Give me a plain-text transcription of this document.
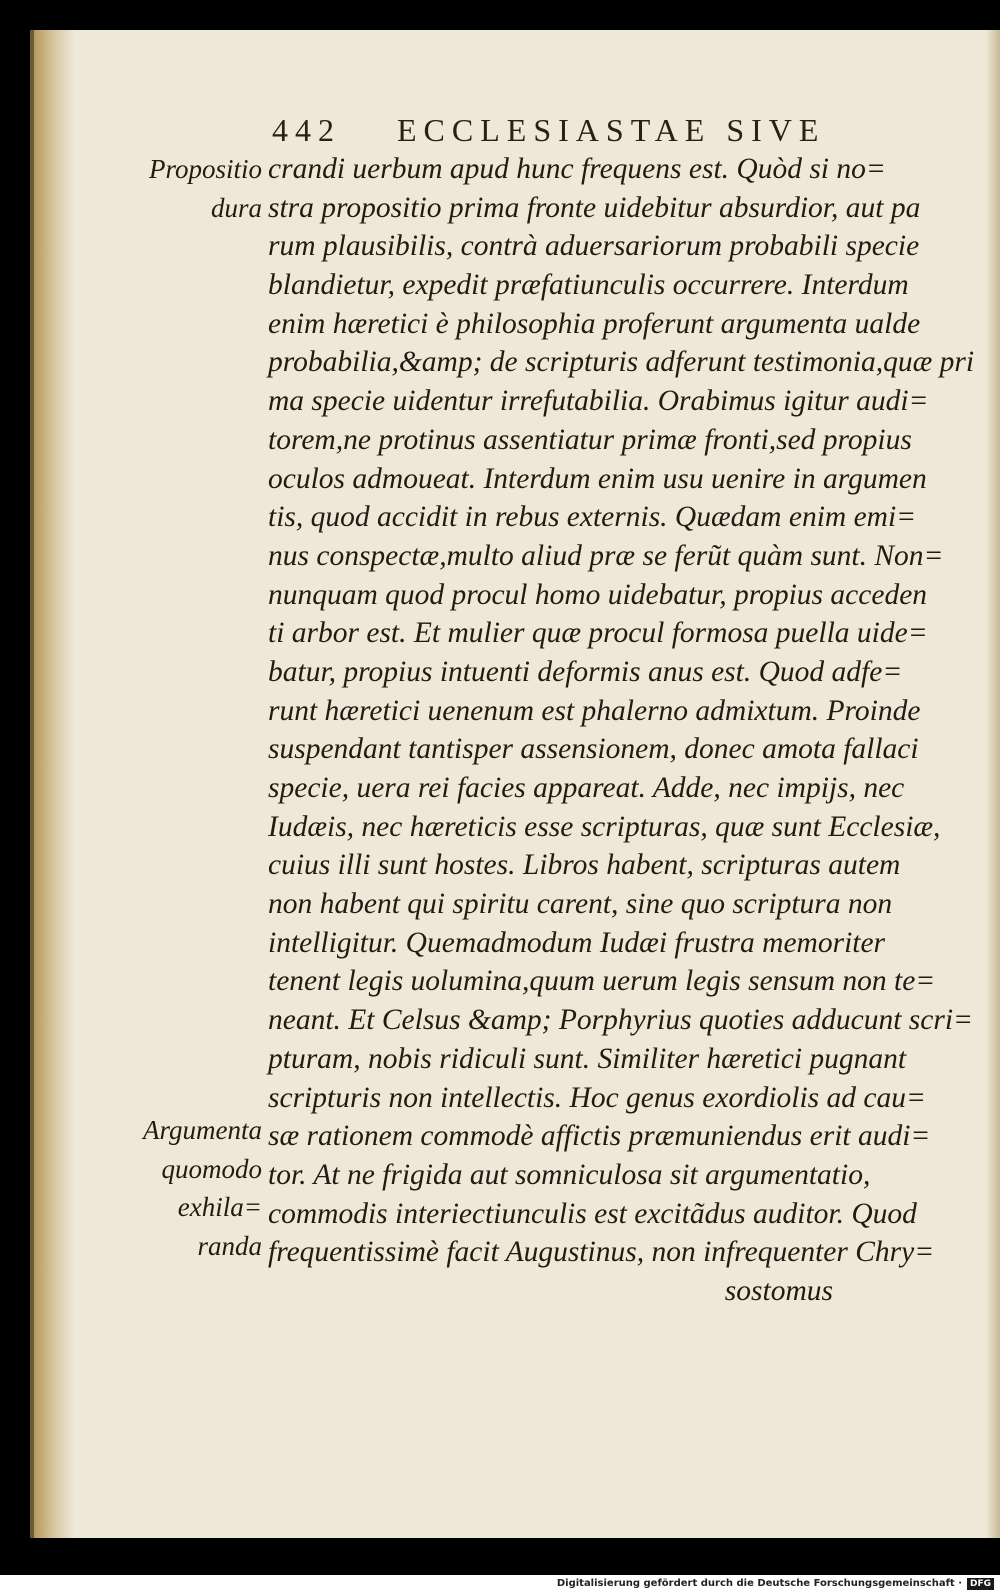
442 ECCLESIASTAE SIVE
Propositio
dura
Argumenta
quomodo
exhila=
randa
crandi uerbum apud hunc frequens est. Quòd si no=
stra propositio prima fronte uidebitur absurdior, aut pa
rum plausibilis, contrà aduersariorum probabili specie
blandietur, expedit præfatiunculis occurrere. Interdum
enim hæretici è philosophia proferunt argumenta ualde
probabilia,&amp; de scripturis adferunt testimonia,quæ pri
ma specie uidentur irrefutabilia. Orabimus igitur audi=
torem,ne protinus assentiatur primæ fronti,sed propius
oculos admoueat. Interdum enim usu uenire in argumen
tis, quod accidit in rebus externis. Quædam enim emi=
nus conspectæ,multo aliud præ se ferũt quàm sunt. Non=
nunquam quod procul homo uidebatur, propius acceden
ti arbor est. Et mulier quæ procul formosa puella uide=
batur, propius intuenti deformis anus est. Quod adfe=
runt hæretici uenenum est phalerno admixtum. Proinde
suspendant tantisper assensionem, donec amota fallaci
specie, uera rei facies appareat. Adde, nec impijs, nec
Iudæis, nec hæreticis esse scripturas, quæ sunt Ecclesiæ,
cuius illi sunt hostes. Libros habent, scripturas autem
non habent qui spiritu carent, sine quo scriptura non
intelligitur. Quemadmodum Iudæi frustra memoriter
tenent legis uolumina,quum uerum legis sensum non te=
neant. Et Celsus &amp; Porphyrius quoties adducunt scri=
pturam, nobis ridiculi sunt. Similiter hæretici pugnant
scripturis non intellectis. Hoc genus exordiolis ad cau=
sæ rationem commodè affictis præmuniendus erit audi=
tor. At ne frigida aut somniculosa sit argumentatio,
commodis interiectiunculis est excitãdus auditor. Quod
frequentissimè facit Augustinus, non infrequenter Chry=
sostomus
Digitalisierung gefördert durch die Deutsche Forschungsgemeinschaft · DFG
